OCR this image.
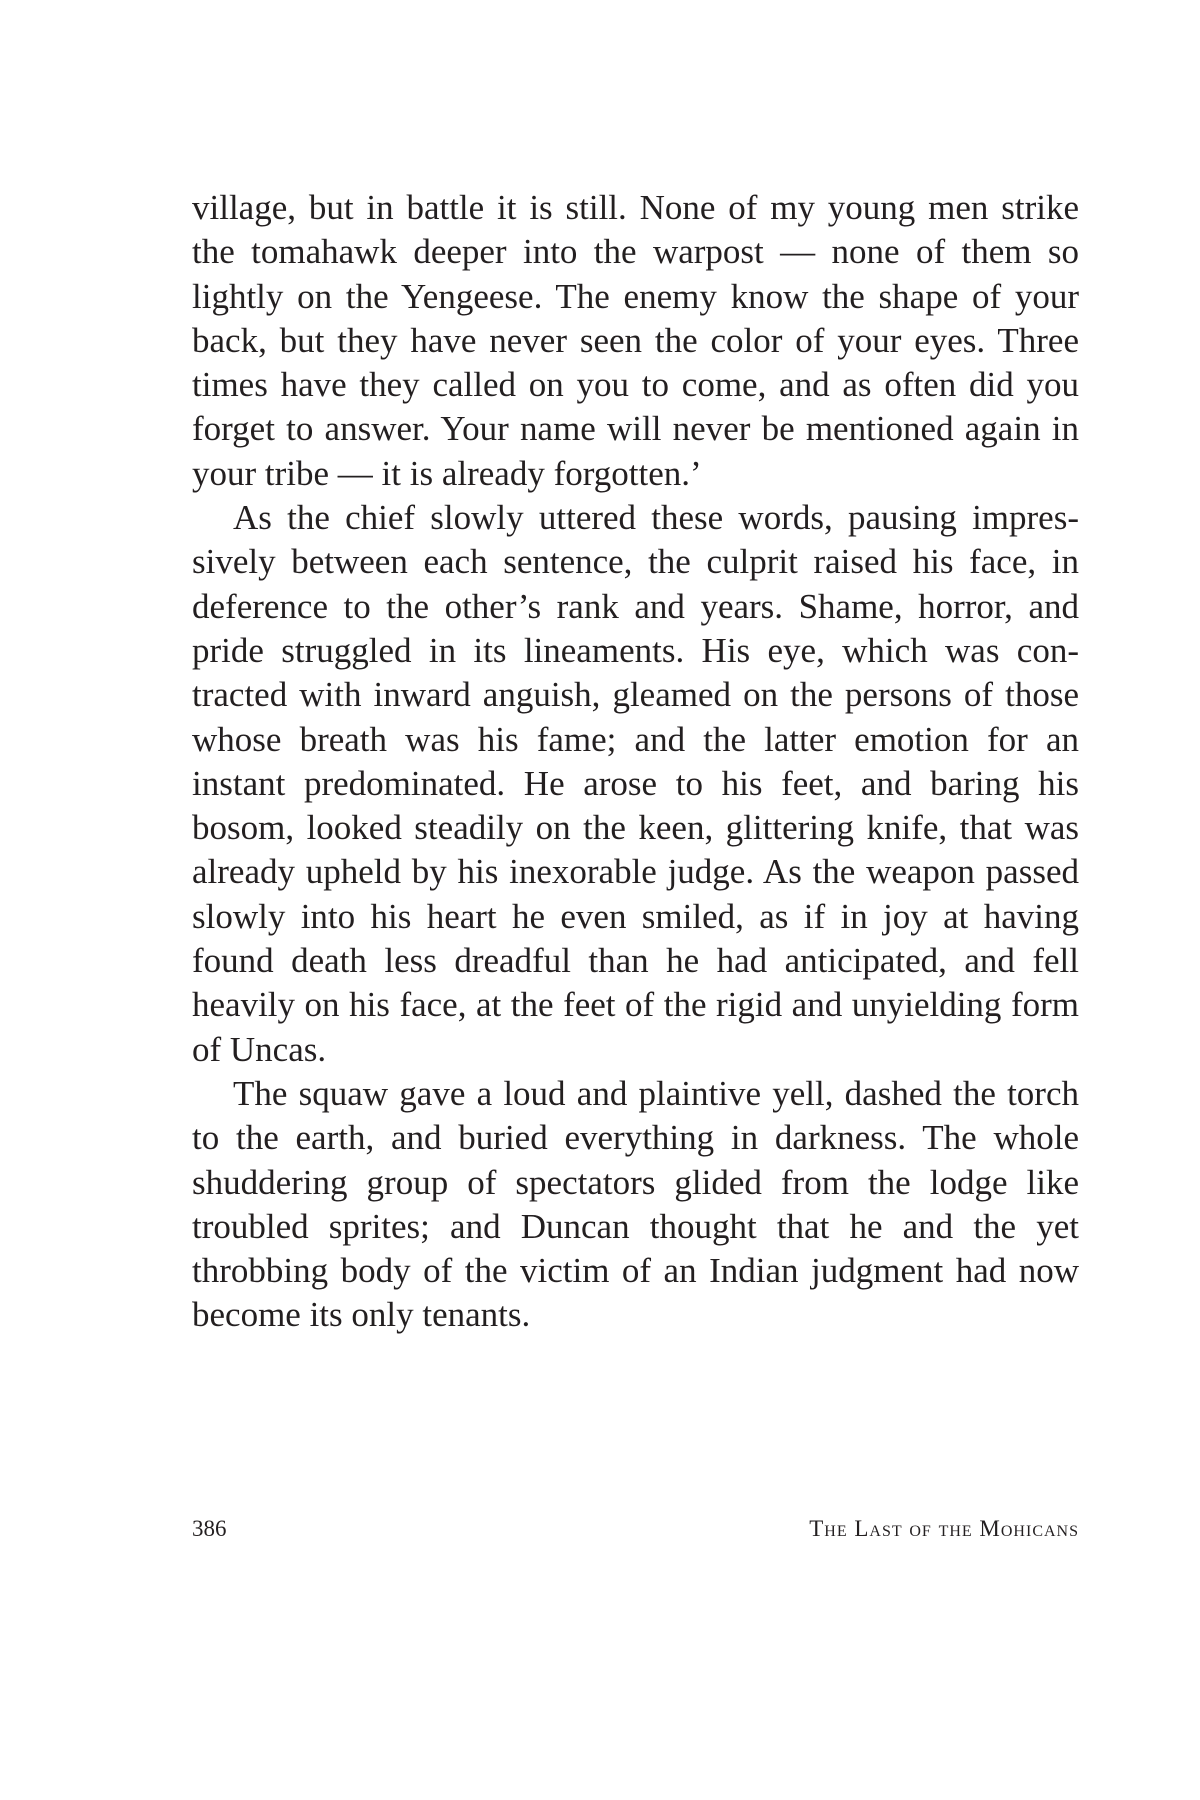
village, but in battle it is still. None of my young men strike the tomahawk deeper into the warpost — none of them so lightly on the Yengeese. The enemy know the shape of your back, but they have never seen the color of your eyes. Three times have they called on you to come, and as often did you forget to answer. Your name will never be mentioned again in your tribe — it is already forgotten.’

As the chief slowly uttered these words, pausing impressively between each sentence, the culprit raised his face, in deference to the other’s rank and years. Shame, horror, and pride struggled in its lineaments. His eye, which was contracted with inward anguish, gleamed on the persons of those whose breath was his fame; and the latter emotion for an instant predominated. He arose to his feet, and baring his bosom, looked steadily on the keen, glittering knife, that was already upheld by his inexorable judge. As the weapon passed slowly into his heart he even smiled, as if in joy at having found death less dreadful than he had anticipated, and fell heavily on his face, at the feet of the rigid and unyielding form of Uncas.

The squaw gave a loud and plaintive yell, dashed the torch to the earth, and buried everything in darkness. The whole shuddering group of spectators glided from the lodge like troubled sprites; and Duncan thought that he and the yet throbbing body of the victim of an Indian judgment had now become its only tenants.

386	The Last of the Mohicans
